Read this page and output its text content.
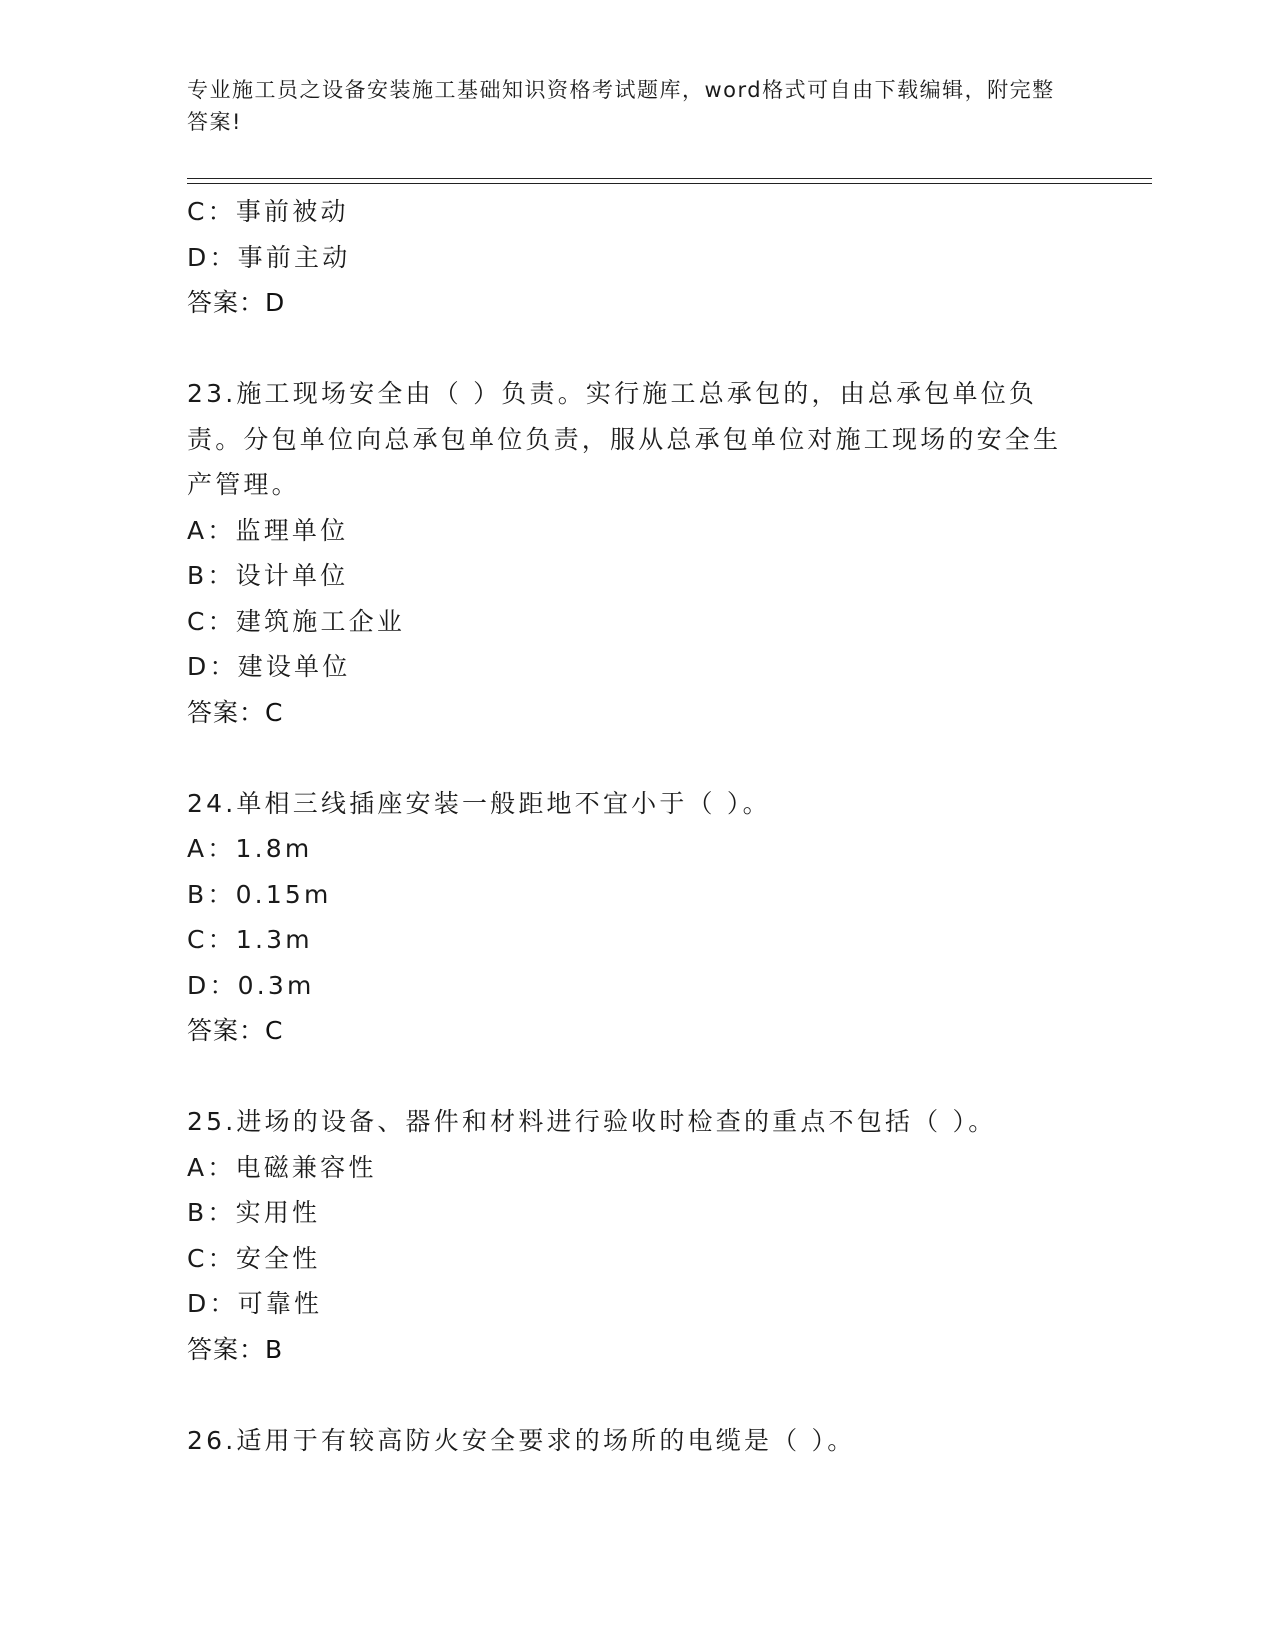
专业施工员之设备安装施工基础知识资格考试题库，word格式可自由下载编辑，附完整答案!
C：事前被动
D：事前主动
答案：D
23.施工现场安全由（ ）负责。实行施工总承包的，由总承包单位负责。分包单位向总承包单位负责，服从总承包单位对施工现场的安全生产管理。
A：监理单位
B：设计单位
C：建筑施工企业
D：建设单位
答案：C
24.单相三线插座安装一般距地不宜小于（ ）。
A：1.8m
B：0.15m
C：1.3m
D：0.3m
答案：C
25.进场的设备、器件和材料进行验收时检查的重点不包括（ ）。
A：电磁兼容性
B：实用性
C：安全性
D：可靠性
答案：B
26.适用于有较高防火安全要求的场所的电缆是（ ）。
